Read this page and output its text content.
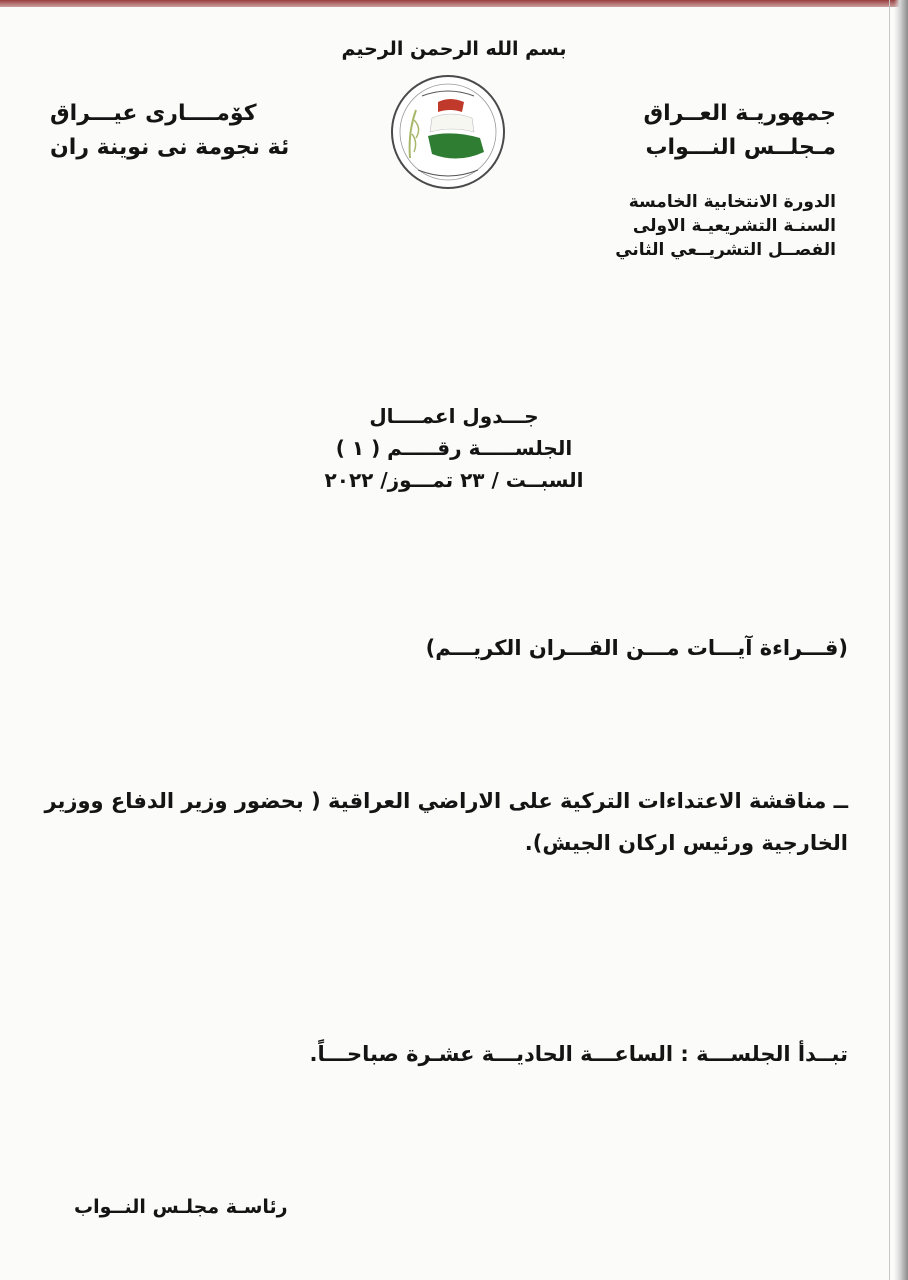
بسم الله الرحمن الرحيم
جمهوريـة العــراق
مـجلــس النـــواب
كۆمــــارى عيـــراق
ئة نجومة نى نوينة ران
الدورة الانتخابية الخامسة
السنـة التشريعيـة الاولى
الفصــل التشريــعي الثاني
جـــدول اعمــــال
الجلســـــة رقـــــم ( ١ )
السبــت / ٢٣ تمـــوز/ ٢٠٢٢
(قـــراءة آيـــات مـــن القـــران الكريـــم)
ــ مناقشة الاعتداءات التركية على الاراضي العراقية ( بحضور وزير الدفاع ووزير الخارجية ورئيس اركان الجيش).
تبــدأ الجلســـة : الساعـــة الحاديـــة عشـرة صباحـــاً.
رئاسـة مجلـس النــواب
